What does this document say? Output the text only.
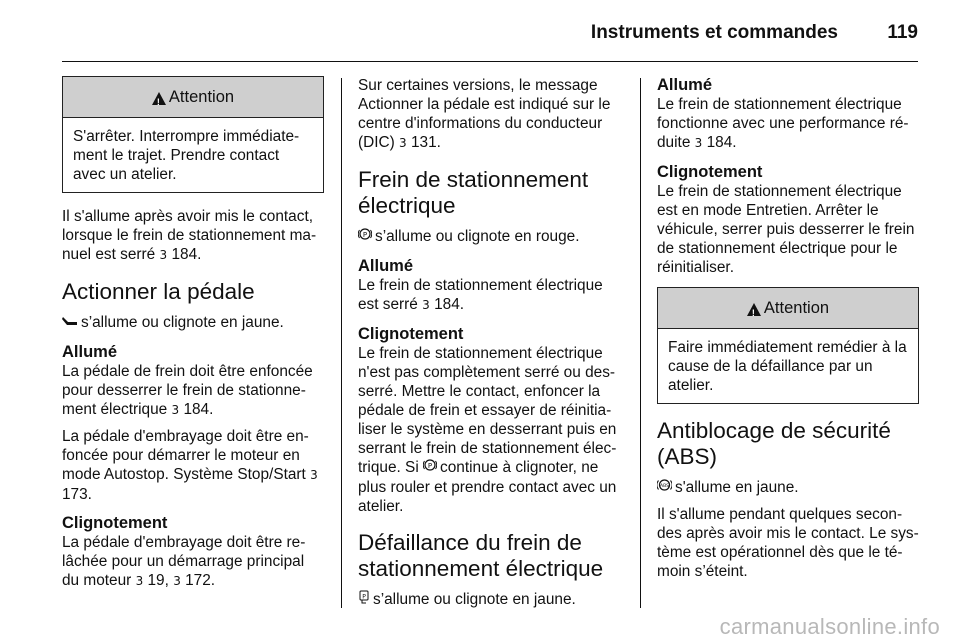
Instruments et commandes	119
!
Attention
S'arrêter. Interrompre immédiate-ment le trajet. Prendre contact avec un atelier.

Il s'allume après avoir mis le contact, lorsque le frein de stationnement ma-nuel est serré 3 184.

Actionner la pédale

s’allume ou clignote en jaune.

Allumé

La pédale de frein doit être enfoncée pour desserrer le frein de stationne-ment électrique 3 184.

La pédale d'embrayage doit être en-foncée pour démarrer le moteur en mode Autostop. Système Stop/Start 3 173.

Clignotement

La pédale d'embrayage doit être re-lâchée pour un démarrage principal du moteur 3 19, 3 172.

Sur certaines versions, le message Actionner la pédale est indiqué sur le centre d'informations du conducteur (DIC) 3 131.

Frein de stationnement électrique

P s’allume ou clignote en rouge.

Allumé

Le frein de stationnement électrique est serré 3 184.

Clignotement

Le frein de stationnement électrique n'est pas complètement serré ou des-serré. Mettre le contact, enfoncer la pédale de frein et essayer de réinitia-liser le système en desserrant puis en serrant le frein de stationnement élec-trique. Si P continue à clignoter, ne plus rouler et prendre contact avec un atelier.

Défaillance du frein de stationnement électrique

P s’allume ou clignote en jaune.

Allumé

Le frein de stationnement électrique fonctionne avec une performance ré-duite 3 184.

Clignotement

Le frein de stationnement électrique est en mode Entretien. Arrêter le véhicule, serrer puis desserrer le frein de stationnement électrique pour le réinitialiser.

!
Attention
Faire immédiatement remédier à la cause de la défaillance par un atelier.
Antiblocage de sécurité (ABS)

ABS s'allume en jaune.

Il s'allume pendant quelques secon-des après avoir mis le contact. Le sys-tème est opérationnel dès que le té-moin s’éteint.

carmanualsonline.info
